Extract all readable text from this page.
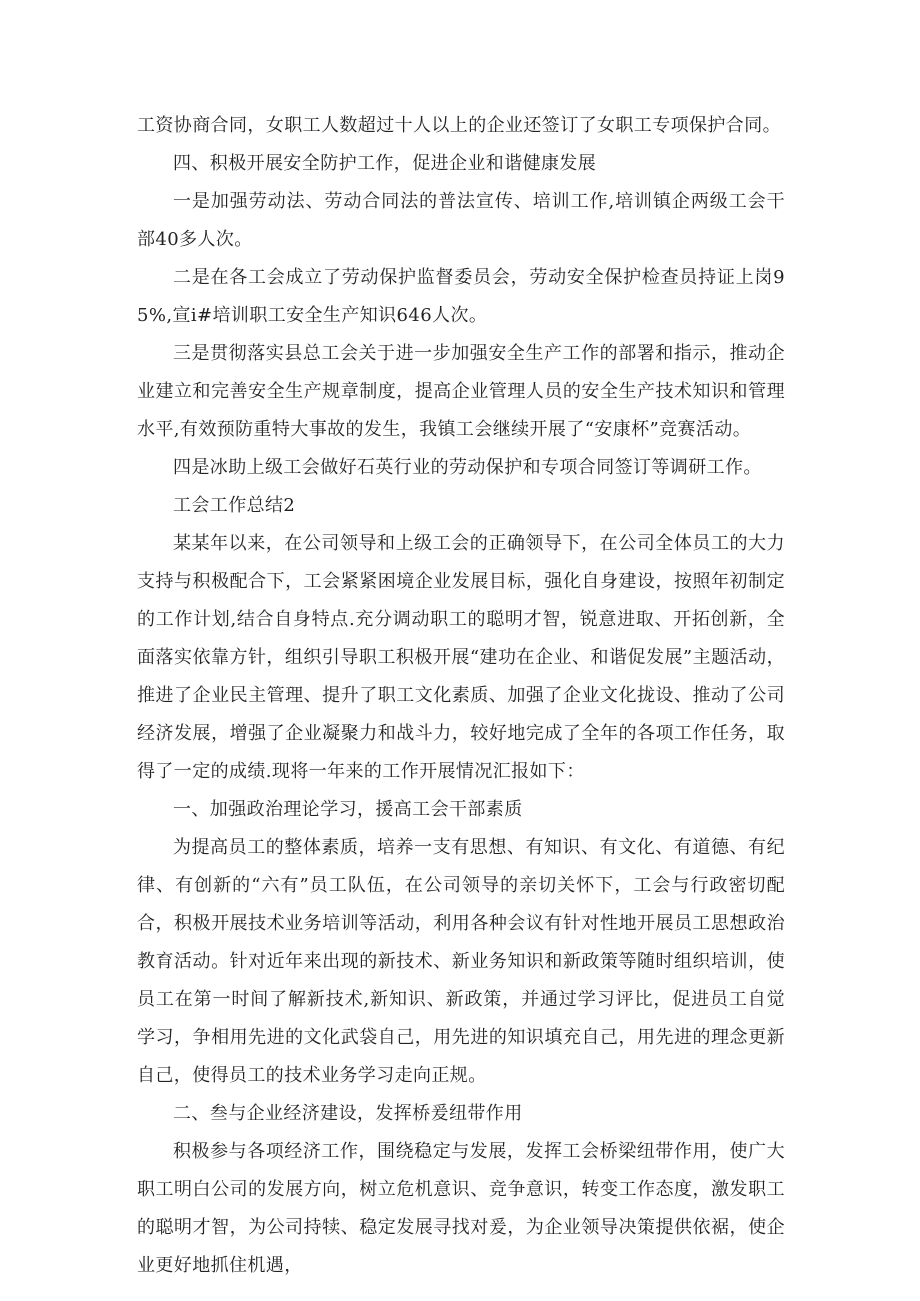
工资协商合同，女职工人数超过十人以上的企业还签订了女职工专项保护合同。

四、积极开展安全防护工作，促进企业和谐健康发展

一是加强劳动法、劳动合同法的普法宣传、培训工作,培训镇企两级工会干部40多人次。

二是在各工会成立了劳动保护监督委员会，劳动安全保护检查员持证上岗95%,宣i#培训职工安全生产知识646人次。

三是贯彻落实县总工会关于进一步加强安全生产工作的部署和指示，推动企业建立和完善安全生产规章制度，提高企业管理人员的安全生产技术知识和管理水平,有效预防重特大事故的发生，我镇工会继续开展了“安康杯”竞赛活动。

四是冰助上级工会做好石英行业的劳动保护和专项合同签订等调研工作。

工会工作总结2

某某年以来，在公司领导和上级工会的正确领导下，在公司全体员工的大力支持与积极配合下，工会紧紧困境企业发展目标，强化自身建设，按照年初制定的工作计划,结合自身特点.充分调动职工的聪明才智，锐意进取、开拓创新，全面落实依靠方针，组织引导职工积极开展“建功在企业、和谐促发展”主题活动，推进了企业民主管理、提升了职工文化素质、加强了企业文化拢设、推动了公司经济发展，增强了企业凝聚力和战斗力，较好地完成了全年的各项工作任务，取得了一定的成绩.现将一年来的工作开展情况汇报如下：

一、加强政治理论学习，援高工会干部素质

为提高员工的整体素质，培养一支有思想、有知识、有文化、有道德、有纪律、有创新的“六有”员工队伍，在公司领导的亲切关怀下，工会与行政密切配合，积极开展技术业务培训等活动，利用各种会议有针对性地开展员工思想政治教育活动。针对近年来出现的新技术、新业务知识和新政策等随时组织培训，使员工在第一时间了解新技术,新知识、新政策，并通过学习评比，促进员工自觉学习，争相用先进的文化武袋自己，用先进的知识填充自己，用先进的理念更新自己，使得员工的技术业务学习走向正规。

二、叁与企业经济建设，发挥桥爰纽带作用

积极参与各项经济工作，围绕稳定与发展，发挥工会桥梁纽带作用，使广大职工明白公司的发展方向，树立危机意识、竞争意识，转变工作态度，激发职工的聪明才智，为公司持犊、稳定发展寻找对爰，为企业领导决策提供依裾，使企业更好地抓住机遇，
